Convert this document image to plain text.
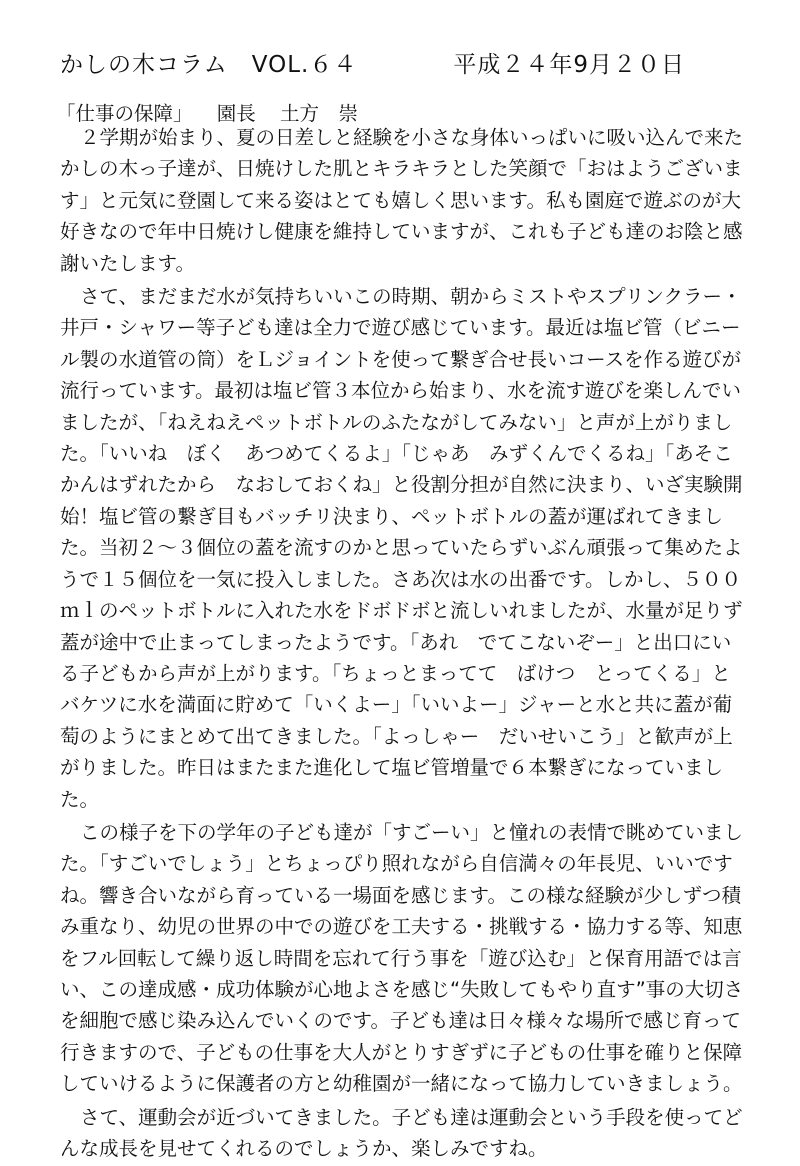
かしの木コラム　VOL.６４	平成２４年9月２０日
「仕事の保障」 園長 土方　崇

２学期が始まり、夏の日差しと経験を小さな身体いっぱいに吸い込んで来たかしの木っ子達が、日焼けした肌とキラキラとした笑顔で「おはようございます」と元気に登園して来る姿はとても嬉しく思います。私も園庭で遊ぶのが大好きなので年中日焼けし健康を維持していますが、これも子ども達のお陰と感謝いたします。

さて、まだまだ水が気持ちいいこの時期、朝からミストやスプリンクラー・井戸・シャワー等子ども達は全力で遊び感じています。最近は塩ビ管（ビニール製の水道管の筒）をＬジョイントを使って繋ぎ合せ長いコースを作る遊びが流行っています。最初は塩ビ管３本位から始まり、水を流す遊びを楽しんでいましたが、「ねえねえペットボトルのふたながしてみない」と声が上がりました。「いいね　ぼく　あつめてくるよ」「じゃあ　みずくんでくるね」「あそこ　かんはずれたから　なおしておくね」と役割分担が自然に決まり、いざ実験開始！塩ビ管の繋ぎ目もバッチリ決まり、ペットボトルの蓋が運ばれてきました。当初２～３個位の蓋を流すのかと思っていたらずいぶん頑張って集めたようで１５個位を一気に投入しました。さあ次は水の出番です。しかし、５００ｍｌのペットボトルに入れた水をドボドボと流しいれましたが、水量が足りず蓋が途中で止まってしまったようです。「あれ　でてこないぞー」と出口にいる子どもから声が上がります。「ちょっとまってて　ばけつ　とってくる」とバケツに水を満面に貯めて「いくよー」「いいよー」ジャーと水と共に蓋が葡萄のようにまとめて出てきました。「よっしゃー　だいせいこう」と歓声が上がりました。昨日はまたまた進化して塩ビ管増量で６本繋ぎになっていました。

この様子を下の学年の子ども達が「すごーい」と憧れの表情で眺めていました。「すごいでしょう」とちょっぴり照れながら自信満々の年長児、いいですね。響き合いながら育っている一場面を感じます。この様な経験が少しずつ積み重なり、幼児の世界の中での遊びを工夫する・挑戦する・協力する等、知恵をフル回転して繰り返し時間を忘れて行う事を「遊び込む」と保育用語では言い、この達成感・成功体験が心地よさを感じ“失敗してもやり直す”事の大切さを細胞で感じ染み込んでいくのです。子ども達は日々様々な場所で感じ育って行きますので、子どもの仕事を大人がとりすぎずに子どもの仕事を確りと保障していけるように保護者の方と幼稚園が一緒になって協力していきましょう。

さて、運動会が近づいてきました。子ども達は運動会という手段を使ってどんな成長を見せてくれるのでしょうか、楽しみですね。
